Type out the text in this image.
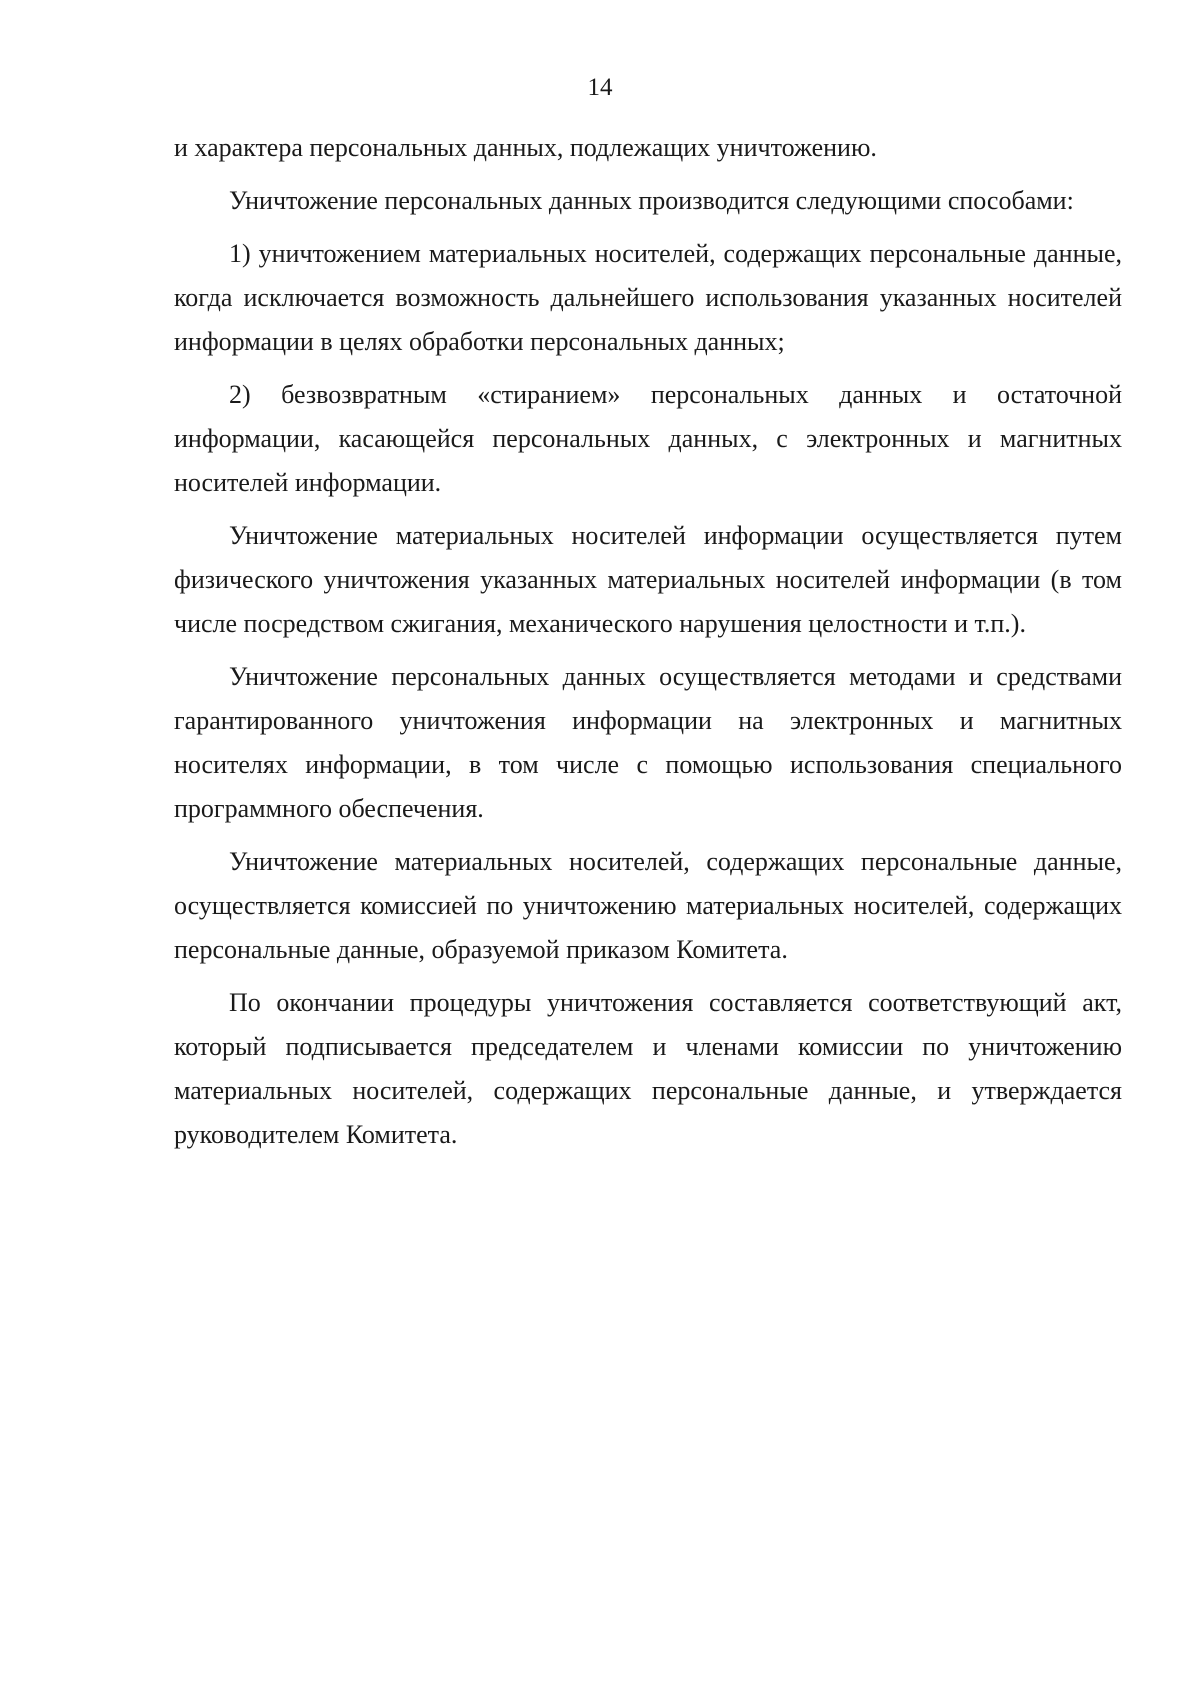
14

и характера персональных данных, подлежащих уничтожению.

Уничтожение персональных данных производится следующими способами:

1) уничтожением материальных носителей, содержащих персональные данные, когда исключается возможность дальнейшего использования указанных носителей информации в целях обработки персональных данных;

2) безвозвратным «стиранием» персональных данных и остаточной информации, касающейся персональных данных, с электронных и магнитных носителей информации.

Уничтожение материальных носителей информации осуществляется путем физического уничтожения указанных материальных носителей информации (в том числе посредством сжигания, механического нарушения целостности и т.п.).

Уничтожение персональных данных осуществляется методами и средствами гарантированного уничтожения информации на электронных и магнитных носителях информации, в том числе с помощью использования специального программного обеспечения.

Уничтожение материальных носителей, содержащих персональные данные, осуществляется комиссией по уничтожению материальных носителей, содержащих персональные данные, образуемой приказом Комитета.

По окончании процедуры уничтожения составляется соответствующий акт, который подписывается председателем и членами комиссии по уничтожению материальных носителей, содержащих персональные данные, и утверждается руководителем Комитета.
